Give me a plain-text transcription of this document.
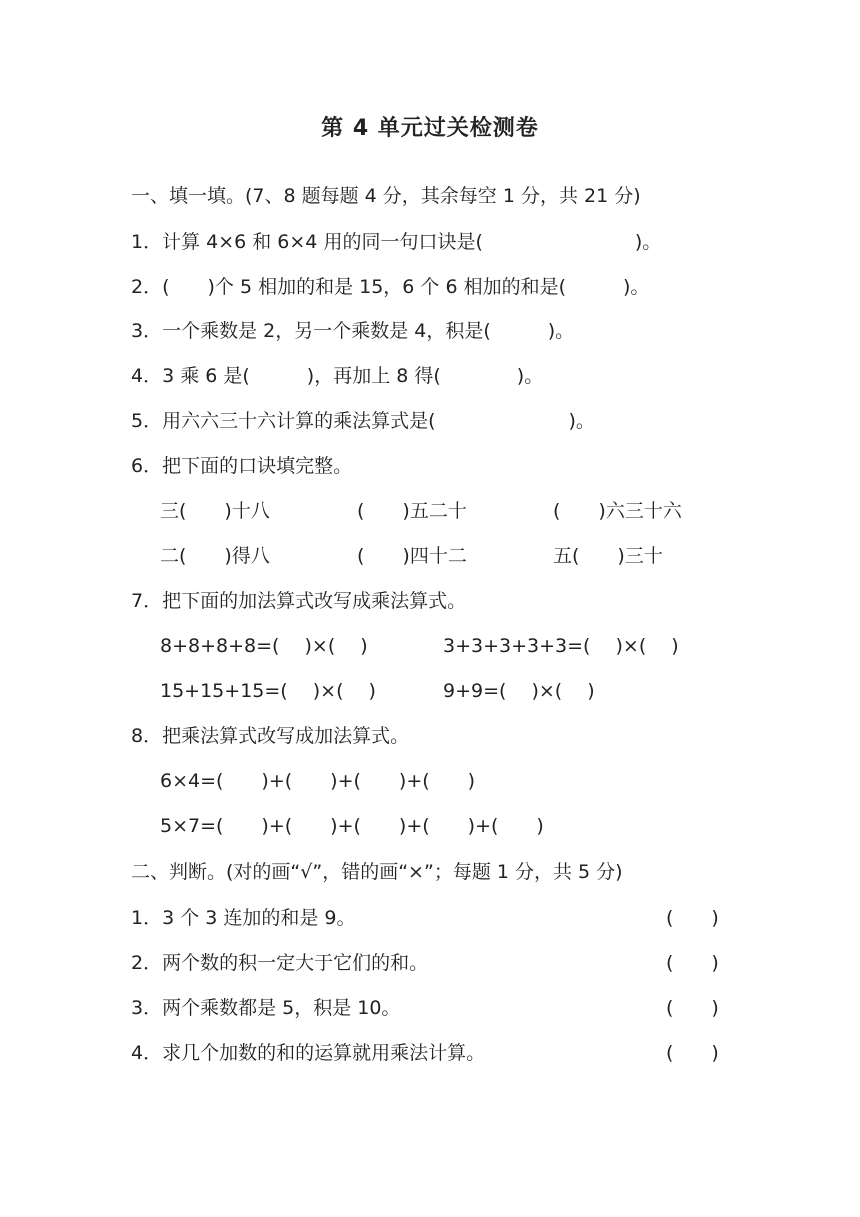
第 4 单元过关检测卷
一、填一填。(7、8 题每题 4 分，其余每空 1 分，共 21 分)
1．计算 4×6 和 6×4 用的同一句口诀是(　　　　　　　　)。
2．(　　)个 5 相加的和是 15，6 个 6 相加的和是(　　　)。
3．一个乘数是 2，另一个乘数是 4，积是(　　　)。
4．3 乘 6 是(　　　)，再加上 8 得(　　　　)。
5．用六六三十六计算的乘法算式是(　　　　　　　)。
6．把下面的口诀填完整。
三(　　)十八	(　　)五二十	(　　)六三十六
二(　　)得八	(　　)四十二	五(　　)三十
7．把下面的加法算式改写成乘法算式。
8+8+8+8=(　 )×(　 )	3+3+3+3+3=(　 )×(　 )
15+15+15=(　 )×(　 )	9+9=(　 )×(　 )
8．把乘法算式改写成加法算式。
6×4=(　　)+(　　)+(　　)+(　　)
5×7=(　　)+(　　)+(　　)+(　　)+(　　)
二、判断。(对的画“√”，错的画“×”；每题 1 分，共 5 分)
1．3 个 3 连加的和是 9。	(　　)
2．两个数的积一定大于它们的和。	(　　)
3．两个乘数都是 5，积是 10。	(　　)
4．求几个加数的和的运算就用乘法计算。	(　　)
